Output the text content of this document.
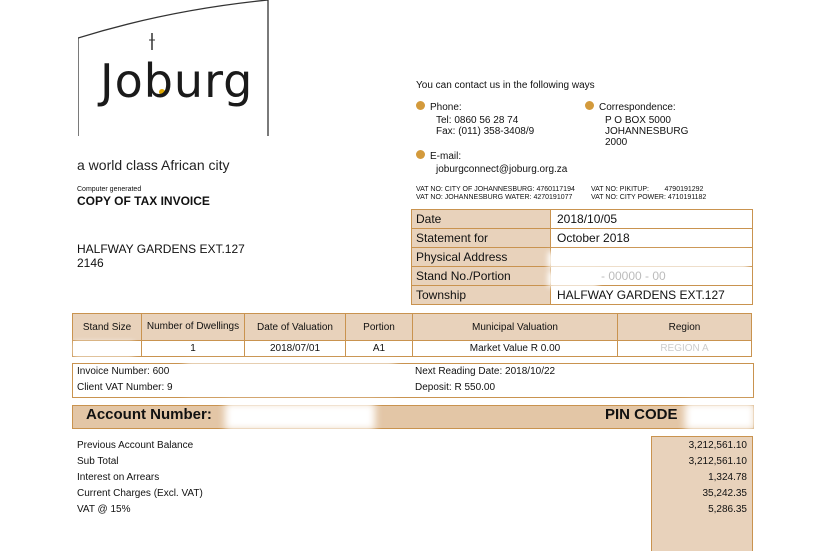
Joburg
a world class African city
You can contact us in the following ways
Phone:
Tel: 0860 56 28 74
Fax: (011) 358-3408/9
Correspondence:
P O BOX 5000
JOHANNESBURG
2000
E-mail:
joburgconnect@joburg.org.za
VAT NO: CITY OF JOHANNESBURG: 4760117194
VAT NO: JOHANNESBURG WATER: 4270191077
VAT NO: PIKITUP:        4790191292
VAT NO: CITY POWER: 4710191182
Computer generated
COPY OF TAX INVOICE
HALFWAY GARDENS EXT.127
2146
Date	2018/10/05
Statement for	October 2018
Physical Address
Stand No./Portion	- 00000 - 00
Township	HALFWAY GARDENS EXT.127
Stand Size	Number of Dwellings	Date of Valuation	Portion	Municipal Valuation	Region
	1	2018/07/01	A1	Market Value R 0.00	REGION A
Invoice Number: 600
Client VAT Number: 9
Next Reading Date: 2018/10/22
Deposit: R 550.00
Account Number:	PIN CODE
Previous Account Balance	3,212,561.10
Sub Total	3,212,561.10
Interest on Arrears	1,324.78
Current Charges (Excl. VAT)	35,242.35
VAT @ 15%	5,286.35
